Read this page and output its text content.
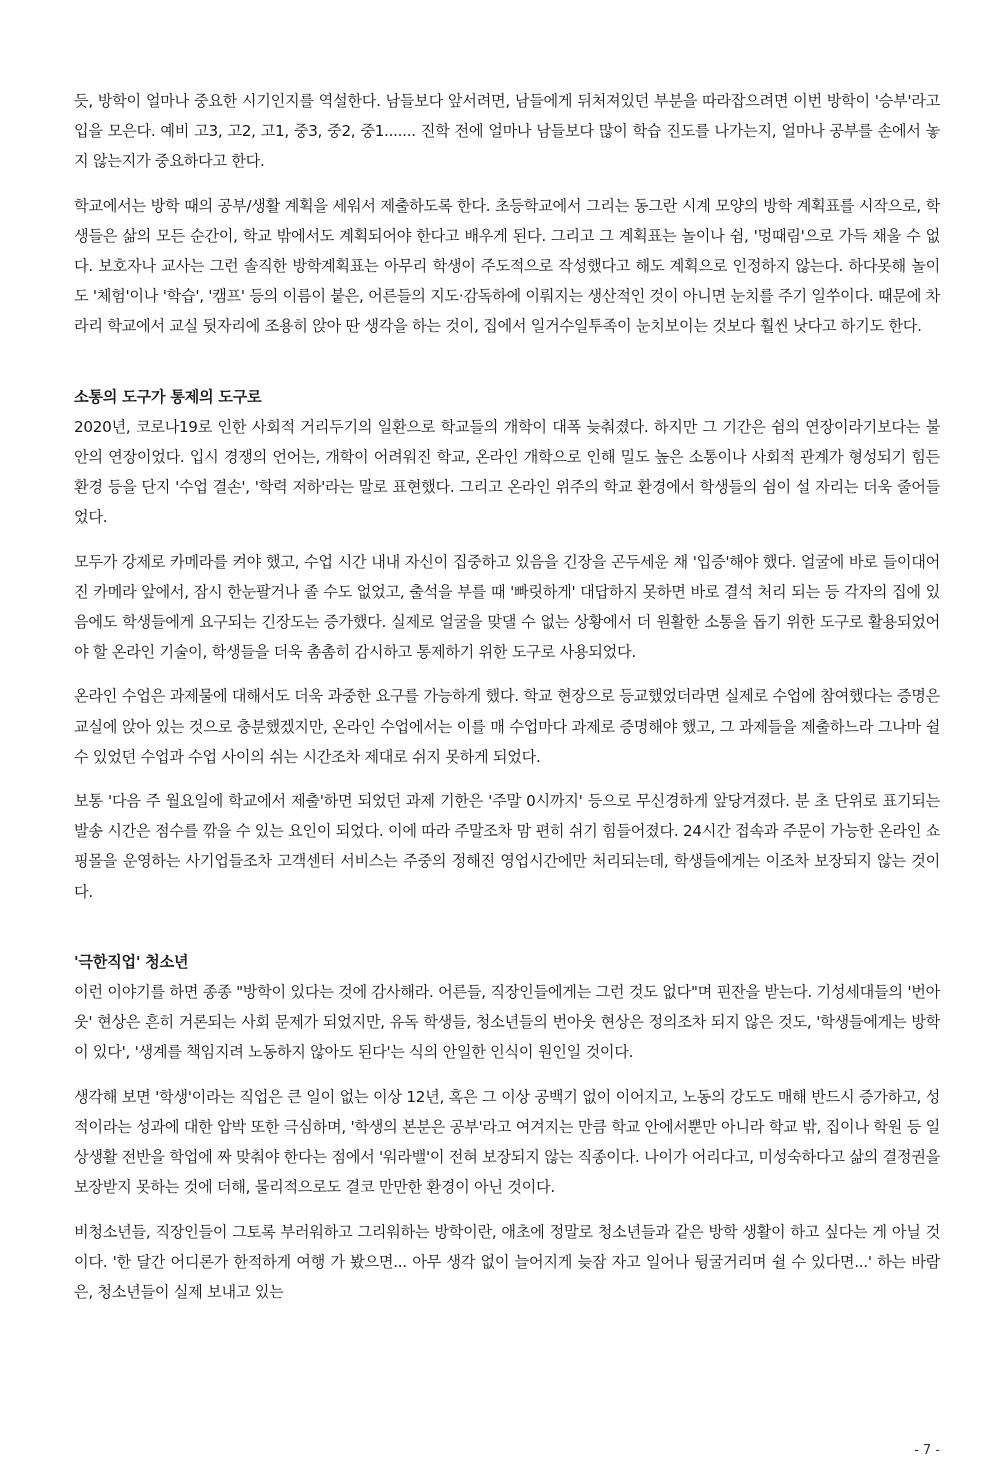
듯, 방학이 얼마나 중요한 시기인지를 역설한다. 남들보다 앞서려면, 남들에게 뒤처져있던 부분을 따라잡으려면 이번 방학이 '승부'라고 입을 모은다. 예비 고3, 고2, 고1, 중3, 중2, 중1....... 진학 전에 얼마나 남들보다 많이 학습 진도를 나가는지, 얼마나 공부를 손에서 놓지 않는지가 중요하다고 한다.

학교에서는 방학 때의 공부/생활 계획을 세워서 제출하도록 한다. 초등학교에서 그리는 동그란 시계 모양의 방학 계획표를 시작으로, 학생들은 삶의 모든 순간이, 학교 밖에서도 계획되어야 한다고 배우게 된다. 그리고 그 계획표는 놀이나 쉼, '멍때림'으로 가득 채울 수 없다. 보호자나 교사는 그런 솔직한 방학계획표는 아무리 학생이 주도적으로 작성했다고 해도 계획으로 인정하지 않는다. 하다못해 놀이도 '체험'이나 '학습', '캠프' 등의 이름이 붙은, 어른들의 지도·감독하에 이뤄지는 생산적인 것이 아니면 눈치를 주기 일쑤이다. 때문에 차라리 학교에서 교실 뒷자리에 조용히 앉아 딴 생각을 하는 것이, 집에서 일거수일투족이 눈치보이는 것보다 훨씬 낫다고 하기도 한다.

소통의 도구가 통제의 도구로

2020년, 코로나19로 인한 사회적 거리두기의 일환으로 학교들의 개학이 대폭 늦춰졌다. 하지만 그 기간은 쉼의 연장이라기보다는 불안의 연장이었다. 입시 경쟁의 언어는, 개학이 어려워진 학교, 온라인 개학으로 인해 밀도 높은 소통이나 사회적 관계가 형성되기 힘든 환경 등을 단지 '수업 결손', '학력 저하'라는 말로 표현했다. 그리고 온라인 위주의 학교 환경에서 학생들의 쉼이 설 자리는 더욱 줄어들었다.

모두가 강제로 카메라를 켜야 했고, 수업 시간 내내 자신이 집중하고 있음을 긴장을 곤두세운 채 '입증'해야 했다. 얼굴에 바로 들이대어진 카메라 앞에서, 잠시 한눈팔거나 졸 수도 없었고, 출석을 부를 때 '빠릿하게' 대답하지 못하면 바로 결석 처리 되는 등 각자의 집에 있음에도 학생들에게 요구되는 긴장도는 증가했다. 실제로 얼굴을 맞댈 수 없는 상황에서 더 원활한 소통을 돕기 위한 도구로 활용되었어야 할 온라인 기술이, 학생들을 더욱 촘촘히 감시하고 통제하기 위한 도구로 사용되었다.

온라인 수업은 과제물에 대해서도 더욱 과중한 요구를 가능하게 했다. 학교 현장으로 등교했었더라면 실제로 수업에 참여했다는 증명은 교실에 앉아 있는 것으로 충분했겠지만, 온라인 수업에서는 이를 매 수업마다 과제로 증명해야 했고, 그 과제들을 제출하느라 그나마 쉴 수 있었던 수업과 수업 사이의 쉬는 시간조차 제대로 쉬지 못하게 되었다.

보통 '다음 주 월요일에 학교에서 제출'하면 되었던 과제 기한은 '주말 0시까지' 등으로 무신경하게 앞당겨졌다. 분 초 단위로 표기되는 발송 시간은 점수를 깎을 수 있는 요인이 되었다. 이에 따라 주말조차 맘 편히 쉬기 힘들어졌다. 24시간 접속과 주문이 가능한 온라인 쇼핑몰을 운영하는 사기업들조차 고객센터 서비스는 주중의 정해진 영업시간에만 처리되는데, 학생들에게는 이조차 보장되지 않는 것이다.

'극한직업' 청소년

이런 이야기를 하면 종종 "방학이 있다는 것에 감사해라. 어른들, 직장인들에게는 그런 것도 없다"며 핀잔을 받는다. 기성세대들의 '번아웃' 현상은 흔히 거론되는 사회 문제가 되었지만, 유독 학생들, 청소년들의 번아웃 현상은 정의조차 되지 않은 것도, '학생들에게는 방학이 있다', '생계를 책임지려 노동하지 않아도 된다'는 식의 안일한 인식이 원인일 것이다.

생각해 보면 '학생'이라는 직업은 큰 일이 없는 이상 12년, 혹은 그 이상 공백기 없이 이어지고, 노동의 강도도 매해 반드시 증가하고, 성적이라는 성과에 대한 압박 또한 극심하며, '학생의 본분은 공부'라고 여겨지는 만큼 학교 안에서뿐만 아니라 학교 밖, 집이나 학원 등 일상생활 전반을 학업에 짜 맞춰야 한다는 점에서 '워라밸'이 전혀 보장되지 않는 직종이다. 나이가 어리다고, 미성숙하다고 삶의 결정권을 보장받지 못하는 것에 더해, 물리적으로도 결코 만만한 환경이 아닌 것이다.

비청소년들, 직장인들이 그토록 부러워하고 그리워하는 방학이란, 애초에 정말로 청소년들과 같은 방학 생활이 하고 싶다는 게 아닐 것이다. '한 달간 어디론가 한적하게 여행 가 봤으면... 아무 생각 없이 늘어지게 늦잠 자고 일어나 뒹굴거리며 쉴 수 있다면...' 하는 바람은, 청소년들이 실제 보내고 있는

- 7 -
